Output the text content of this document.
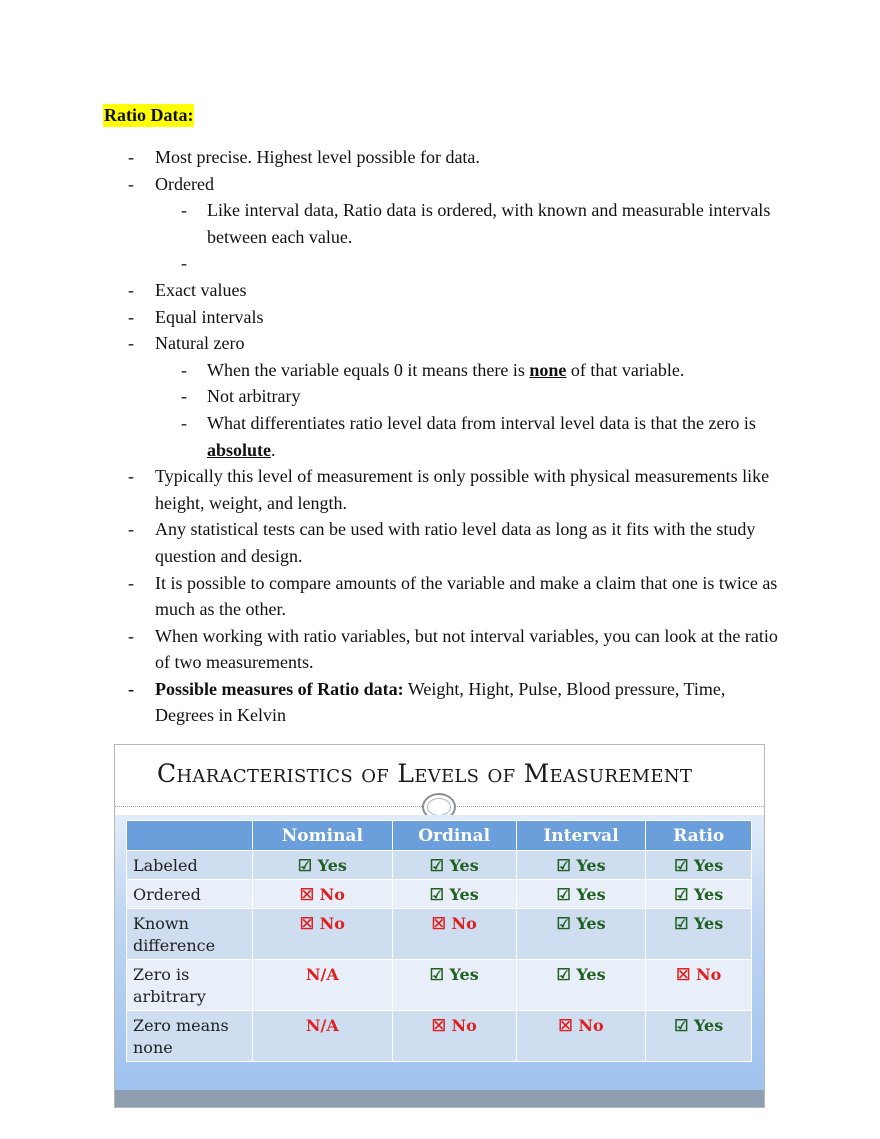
Ratio Data:
- Most precise. Highest level possible for data.
- Ordered
- Like interval data, Ratio data is ordered, with known and measurable intervals between each value.
-
- Exact values
- Equal intervals
- Natural zero
- When the variable equals 0 it means there is none of that variable.
- Not arbitrary
- What differentiates ratio level data from interval level data is that the zero is absolute.
- Typically this level of measurement is only possible with physical measurements like height, weight, and length.
- Any statistical tests can be used with ratio level data as long as it fits with the study question and design.
- It is possible to compare amounts of the variable and make a claim that one is twice as much as the other.
- When working with ratio variables, but not interval variables, you can look at the ratio of two measurements.
- Possible measures of Ratio data: Weight, Hight, Pulse, Blood pressure, Time, Degrees in Kelvin
Characteristics of Levels of Measurement
	Nominal	Ordinal	Interval	Ratio
Labeled	☑ Yes	☑ Yes	☑ Yes	☑ Yes
Ordered	☒ No	☑ Yes	☑ Yes	☑ Yes
Known difference	☒ No	☒ No	☑ Yes	☑ Yes
Zero is arbitrary	N/A	☑ Yes	☑ Yes	☒ No
Zero means none	N/A	☒ No	☒ No	☑ Yes
